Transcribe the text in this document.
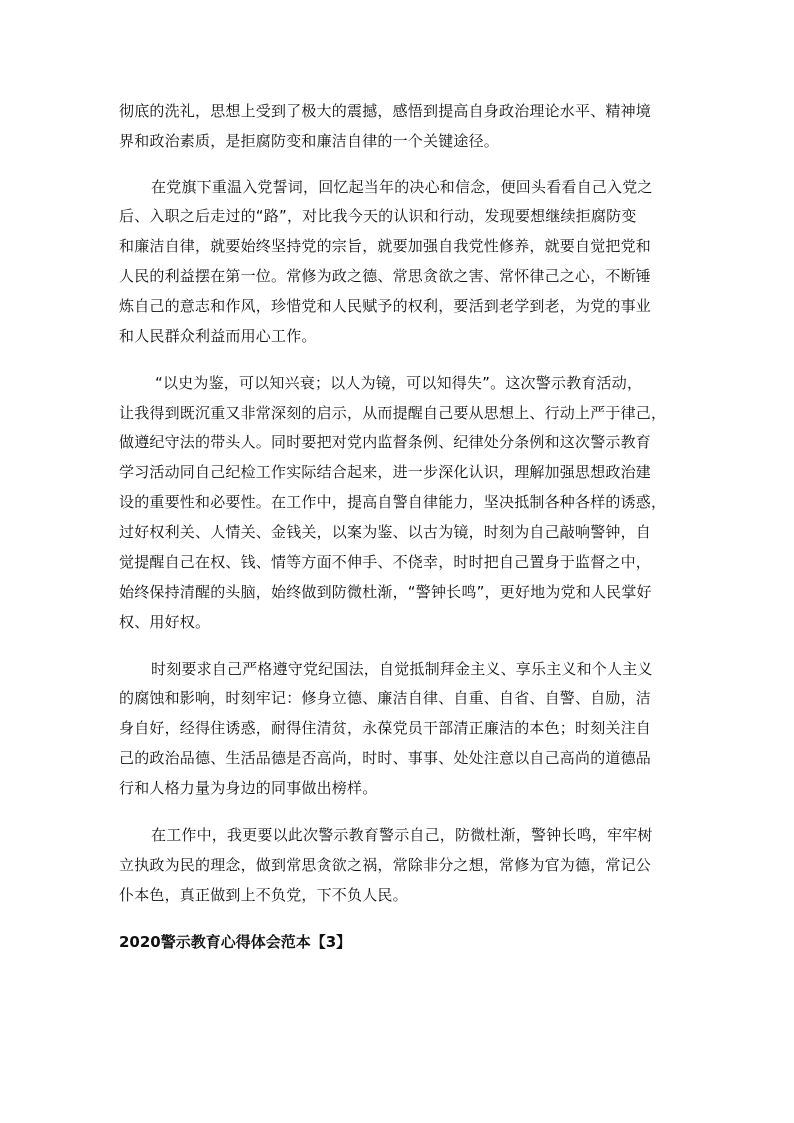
彻底的洗礼，思想上受到了极大的震撼，感悟到提高自身政治理论水平、精神境
界和政治素质，是拒腐防变和廉洁自律的一个关键途径。
在党旗下重温入党誓词，回忆起当年的决心和信念，便回头看看自己入党之
后、入职之后走过的“路”，对比我今天的认识和行动，发现要想继续拒腐防变
和廉洁自律，就要始终坚持党的宗旨，就要加强自我党性修养，就要自觉把党和
人民的利益摆在第一位。常修为政之德、常思贪欲之害、常怀律己之心，不断锤
炼自己的意志和作风，珍惜党和人民赋予的权利，要活到老学到老，为党的事业
和人民群众利益而用心工作。
“以史为鉴，可以知兴衰；以人为镜，可以知得失”。这次警示教育活动，
让我得到既沉重又非常深刻的启示，从而提醒自己要从思想上、行动上严于律己，
做遵纪守法的带头人。同时要把对党内监督条例、纪律处分条例和这次警示教育
学习活动同自己纪检工作实际结合起来，进一步深化认识，理解加强思想政治建
设的重要性和必要性。在工作中，提高自警自律能力，坚决抵制各种各样的诱惑，
过好权利关、人情关、金钱关，以案为鉴、以古为镜，时刻为自己敲响警钟，自
觉提醒自己在权、钱、情等方面不伸手、不侥幸，时时把自己置身于监督之中，
始终保持清醒的头脑，始终做到防微杜渐，“警钟长鸣”，更好地为党和人民掌好
权、用好权。
时刻要求自己严格遵守党纪国法，自觉抵制拜金主义、享乐主义和个人主义
的腐蚀和影响，时刻牢记：修身立德、廉洁自律、自重、自省、自警、自励，洁
身自好，经得住诱惑，耐得住清贫，永葆党员干部清正廉洁的本色；时刻关注自
己的政治品德、生活品德是否高尚，时时、事事、处处注意以自己高尚的道德品
行和人格力量为身边的同事做出榜样。
在工作中，我更要以此次警示教育警示自己，防微杜渐，警钟长鸣，牢牢树
立执政为民的理念，做到常思贪欲之祸，常除非分之想，常修为官为德，常记公
仆本色，真正做到上不负党，下不负人民。
2020警示教育心得体会范本【3】
